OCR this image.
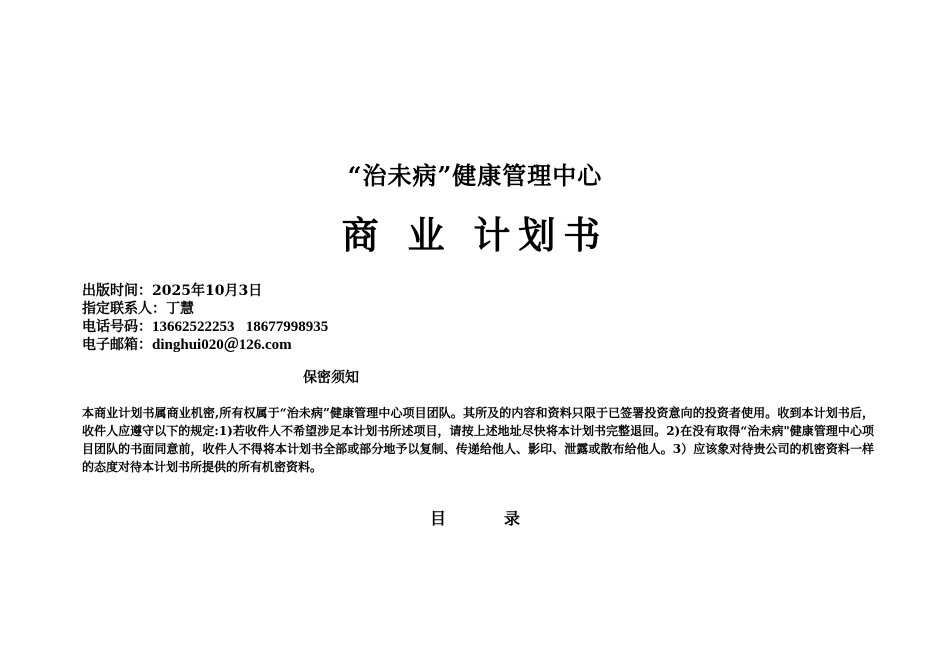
“治未病”健康管理中心
商 业 计划书
出版时间：2025年10月3日
指定联系人：丁慧
电话号码：13662522253   18677998935
电子邮箱：dinghui020＠126.com
保密须知
本商业计划书属商业机密,所有权属于“治未病”健康管理中心项目团队。其所及的内容和资料只限于已签署投资意向的投资者使用。收到本计划书后，收件人应遵守以下的规定:1)若收件人不希望涉足本计划书所述项目，请按上述地址尽快将本计划书完整退回。2)在没有取得“治未病"健康管理中心项目团队的书面同意前，收件人不得将本计划书全部或部分地予以复制、传递给他人、影印、泄露或散布给他人。3）应该象对待贵公司的机密资料一样的态度对待本计划书所提供的所有机密资料。
目录
